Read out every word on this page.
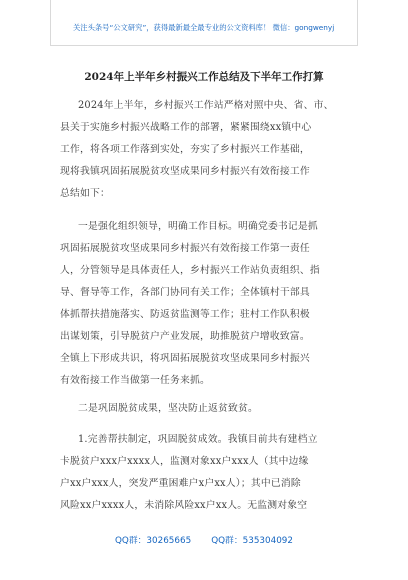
关注头条号“公文研究”，获得最新最全最专业的公文资料库！ 微信：gongwenyj
2024年上半年乡村振兴工作总结及下半年工作打算
2024年上半年，乡村振兴工作站严格对照中央、省、市、
县关于实施乡村振兴战略工作的部署，紧紧围绕xx镇中心
工作，将各项工作落到实处，夯实了乡村振兴工作基础，
现将我镇巩固拓展脱贫攻坚成果同乡村振兴有效衔接工作
总结如下：
一是强化组织领导，明确工作目标。明确党委书记是抓
巩固拓展脱贫攻坚成果同乡村振兴有效衔接工作第一责任
人，分管领导是具体责任人，乡村振兴工作站负责组织、指
导、督导等工作，各部门协同有关工作；全体镇村干部具
体抓帮扶措施落实、防返贫监测等工作；驻村工作队积极
出谋划策，引导脱贫户产业发展，助推脱贫户增收致富。
全镇上下形成共识，将巩固拓展脱贫攻坚成果同乡村振兴
有效衔接工作当做第一任务来抓。
二是巩固脱贫成果，坚决防止返贫致贫。
1.完善帮扶制定，巩固脱贫成效。我镇目前共有建档立
卡脱贫户xxx户xxxx人，监测对象xx户xxx人（其中边缘
户xx户xxx人，突发严重困难户x户xx人）；其中已消除
风险xx户xxxx人，未消除风险xx户xx人。无监测对象空
QQ群：30265665 QQ群：535304092
